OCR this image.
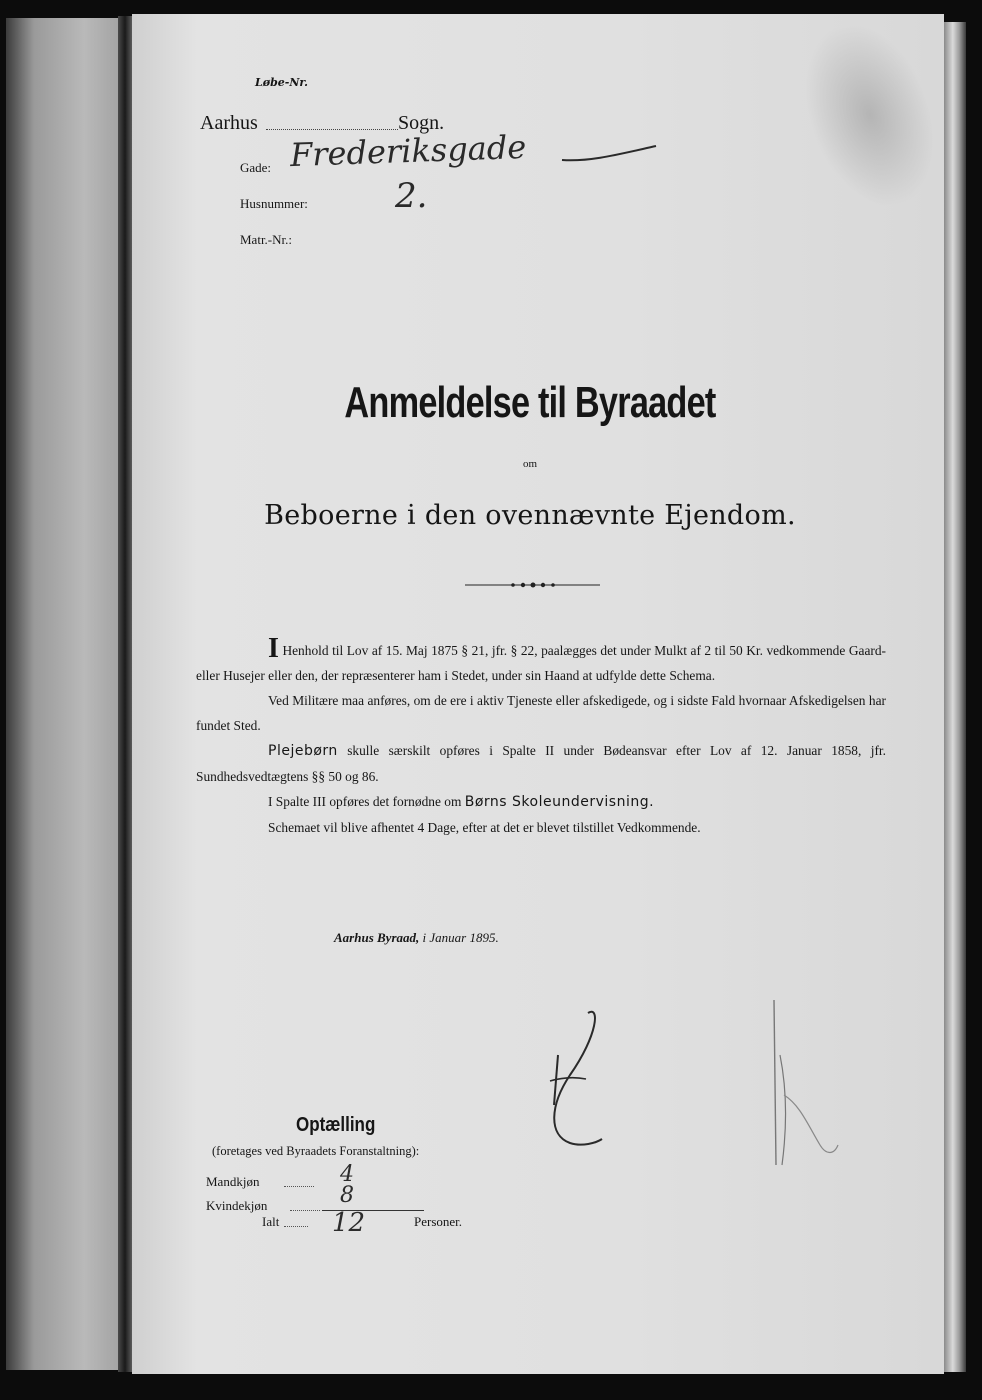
Løbe-Nr.
Aarhus	Sogn.
Gade: Frederiksgade
Husnummer:	2.
Matr.-Nr.:
Anmeldelse til Byraadet
om
Beboerne i den ovennævnte Ejendom.

I Henhold til Lov af 15. Maj 1875 § 21, jfr. § 22, paalægges det under Mulkt af 2 til 50 Kr. vedkommende Gaard- eller Husejer eller den, der repræsenterer ham i Stedet, under sin Haand at udfylde dette Schema.

Ved Militære maa anføres, om de ere i aktiv Tjeneste eller afskedigede, og i sidste Fald hvornaar Afskedigelsen har fundet Sted.

Plejebørn skulle særskilt opføres i Spalte II under Bødeansvar efter Lov af 12. Januar 1858, jfr. Sundhedsvedtægtens §§ 50 og 86.

I Spalte III opføres det fornødne om Børns Skoleundervisning.

Schemaet vil blive afhentet 4 Dage, efter at det er blevet tilstillet Vedkommende.

Aarhus Byraad, i Januar 1895.
Optælling
(foretages ved Byraadets Foranstaltning):
Mandkjøn	4
Kvindekjøn	8
Ialt 12	Personer.
